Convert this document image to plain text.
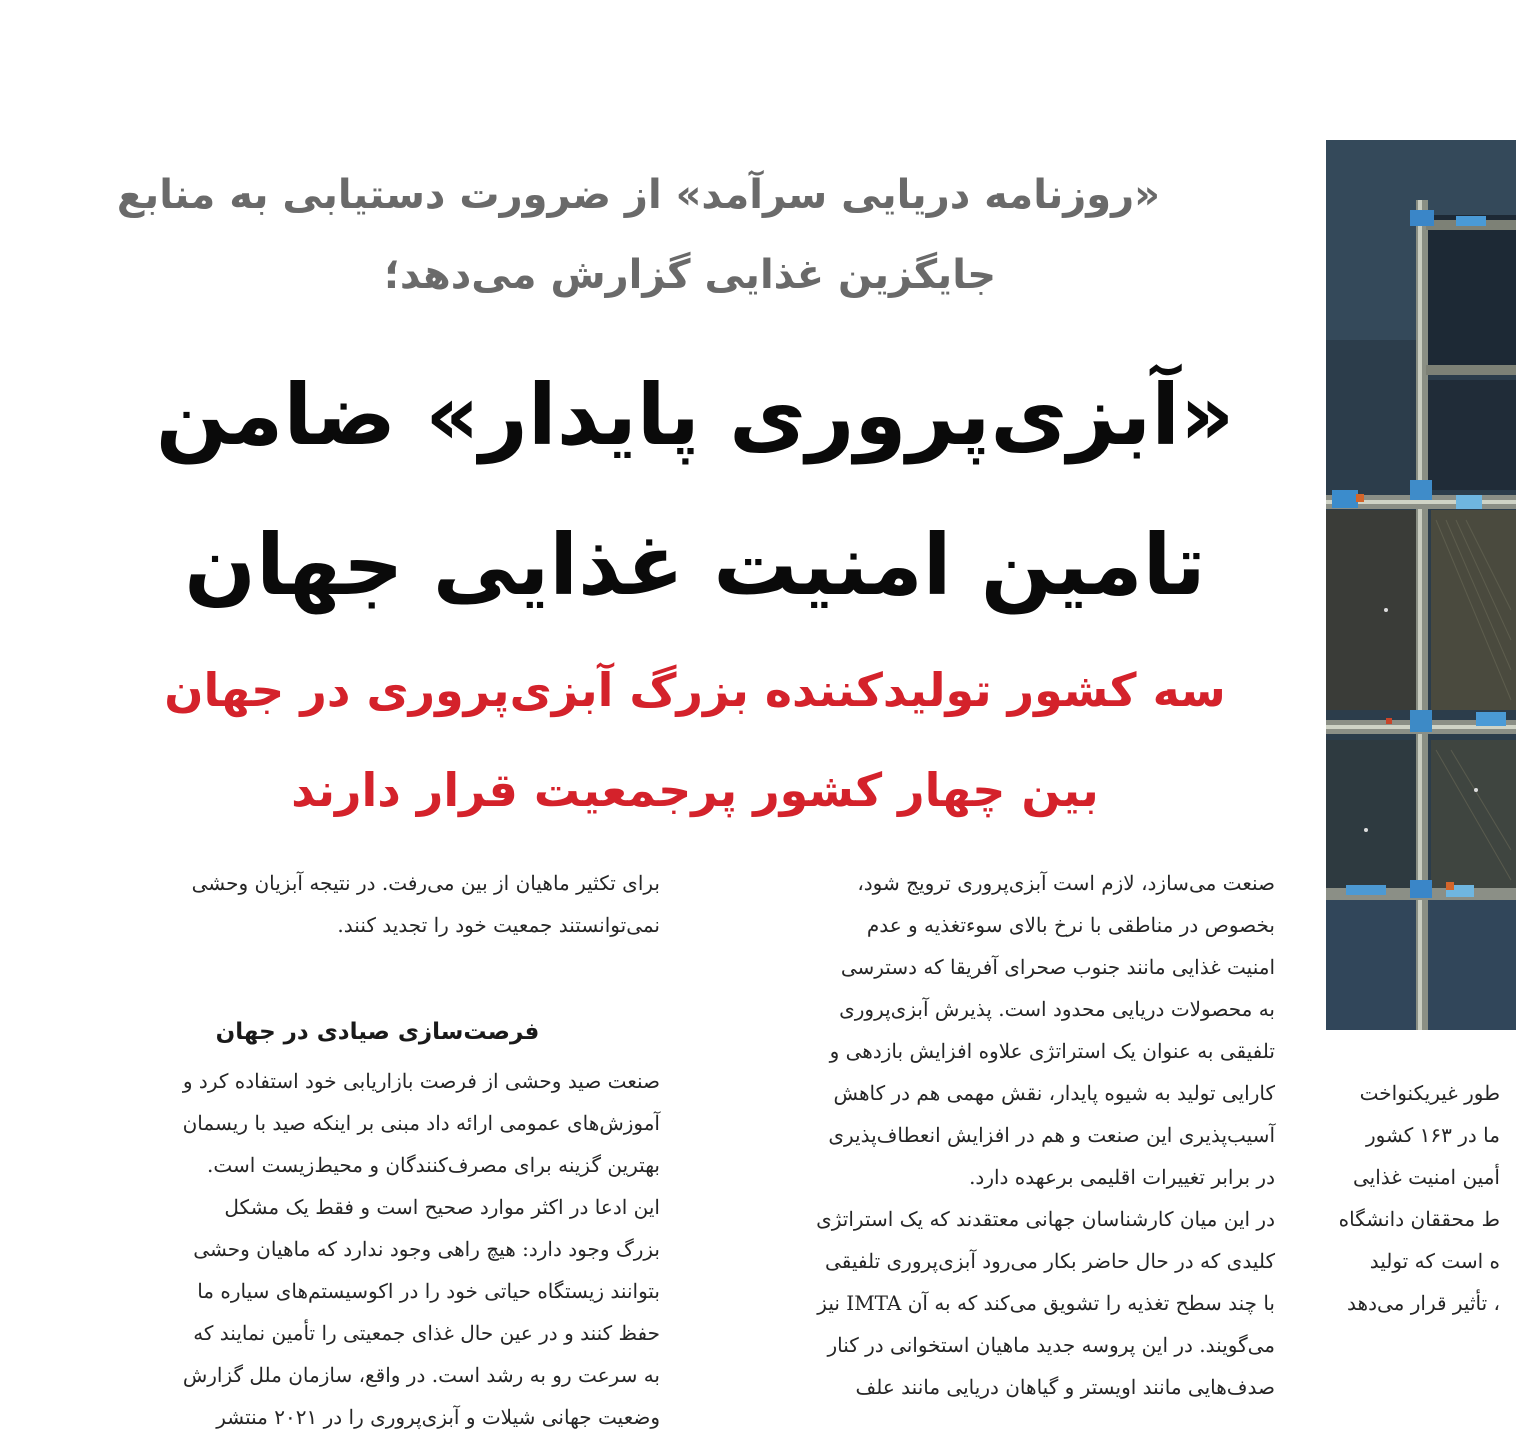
«روزنامه دریایی سرآمد» از ضرورت دستیابی به منابع
جایگزین غذایی گزارش می‌دهد؛
«آبزی‌پروری پایدار» ضامن
تامین امنیت غذایی جهان
سه کشور تولیدکننده بزرگ آبزی‌پروری در جهان
بین چهار کشور پرجمعیت قرار دارند
صنعت می‌سازد، لازم است آبزی‌پروری ترویج شود،
بخصوص در مناطقی با نرخ بالای سوء‌تغذیه و عدم
امنیت غذایی مانند جنوب صحرای آفریقا که دسترسی
به محصولات دریایی محدود است. پذیرش آبزی‌پروری
تلفیقی به عنوان یک استراتژی علاوه افزایش بازدهی و
کارایی تولید به شیوه پایدار، نقش مهمی هم در کاهش
آسیب‌پذیری این صنعت و هم در افزایش انعطاف‌پذیری
در برابر تغییرات اقلیمی برعهده دارد.
در این میان کارشناسان جهانی معتقدند که یک استراتژی
کلیدی که در حال حاضر بکار می‌رود آبزی‌پروری تلفیقی
با چند سطح تغذیه را تشویق می‌کند که به آن IMTA نیز
می‌گویند. در این پروسه جدید ماهیان استخوانی در کنار
صدف‌هایی مانند اویستر و گیاهان دریایی مانند علف
برای تکثیر ماهیان از بین می‌رفت. در نتیجه آبزیان وحشی
نمی‌توانستند جمعیت خود را تجدید کنند.
فرصت‌سازی صیادی در جهان
صنعت صید وحشی از فرصت بازاریابی خود استفاده کرد و
آموزش‌های عمومی ارائه داد مبنی بر اینکه صید با ریسمان
بهترین گزینه برای مصرف‌کنندگان و محیط‌زیست است.
این ادعا در اکثر موارد صحیح است و فقط یک مشکل
بزرگ وجود دارد: هیچ راهی وجود ندارد که ماهیان وحشی
بتوانند زیستگاه حیاتی خود را در اکوسیستم‌های سیاره ما
حفظ کنند و در عین حال غذای جمعیتی را تأمین نمایند که
به سرعت رو به رشد است. در واقع، سازمان ملل گزارش
وضعیت جهانی شیلات و آبزی‌پروری را در ۲۰۲۱ منتشر
طور غیریکنواخت
ما در ۱۶۳ کشور
أمین امنیت غذایی
ط محققان دانشگاه
ه است که تولید
، تأثیر قرار می‌دهد
